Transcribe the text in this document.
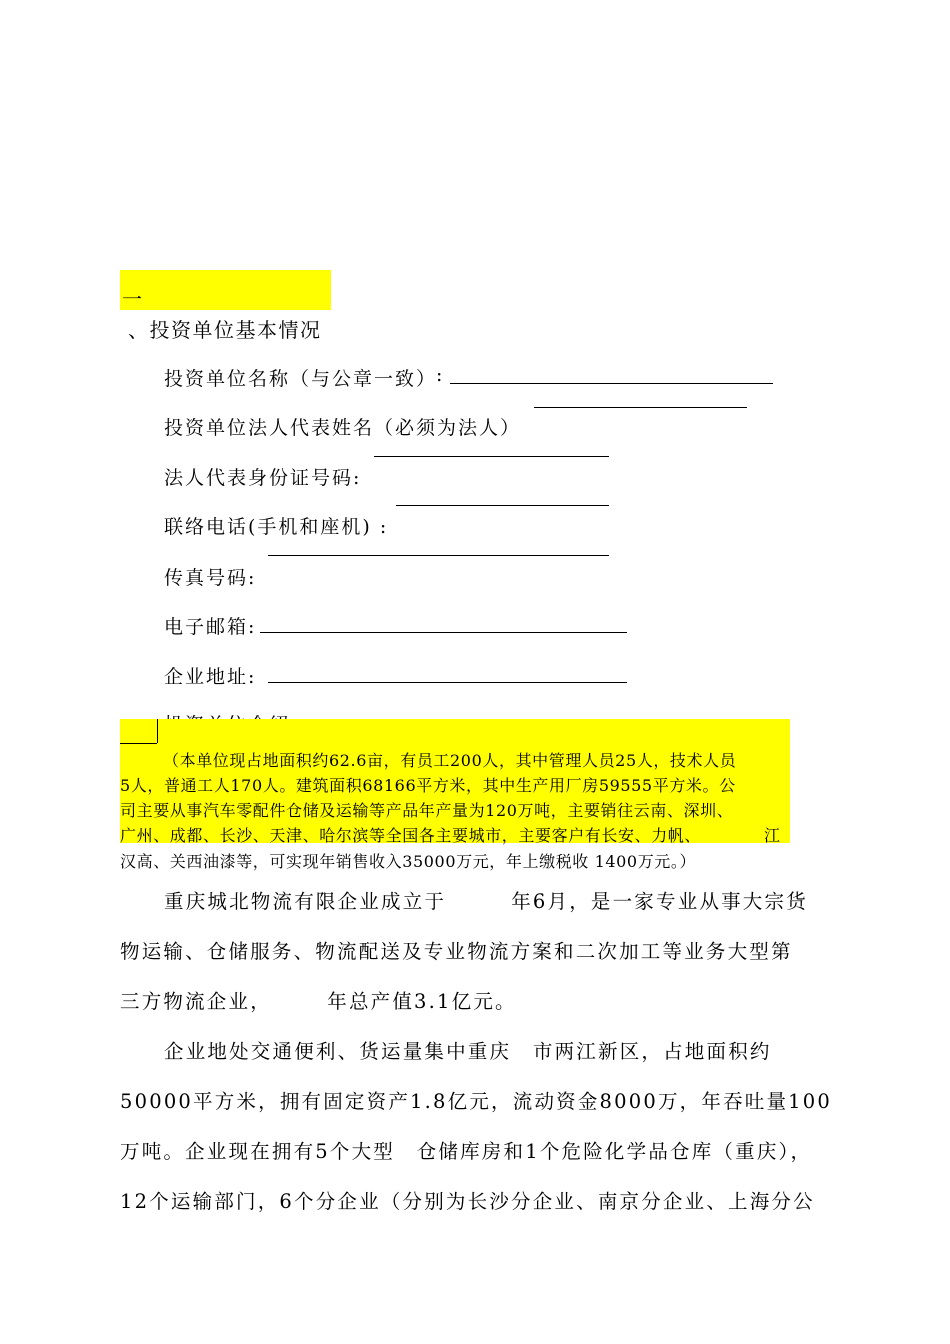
一
、投资单位基本情况
投资单位名称（与公章一致）
:
投资单位法人代表姓名（必须为法人）
法人代表身份证号码:
联络电话(手机和座机) :
传真号码:
电子邮箱:
企业地址:
（本单位现占地面积约62.6亩，有员工200人，其中管理人员25人，技术人员
5人，普通工人170人。建筑面积68166平方米，其中生产用厂房59555平方米。公
司主要从事汽车零配件仓储及运输等产品年产量为120万吨，主要销往云南、深圳、
广州、成都、长沙、天津、哈尔滨等全国各主要城市，主要客户有长安、力帆、	江
汉高、关西油漆等，可实现年销售收入35000万元，年上缴税收 1400万元。）
重庆城北物流有限企业成立于　　　年6月，是一家专业从事大宗货
物运输、仓储服务、物流配送及专业物流方案和二次加工等业务大型第
三方物流企业，　　　年总产值3.1亿元。
企业地处交通便利、货运量集中重庆　市两江新区，占地面积约
50000平方米，拥有固定资产1.8亿元，流动资金8000万，年吞吐量100
万吨。企业现在拥有5个大型　仓储库房和1个危险化学品仓库（重庆），
12个运输部门，6个分企业（分别为长沙分企业、南京分企业、上海分公
